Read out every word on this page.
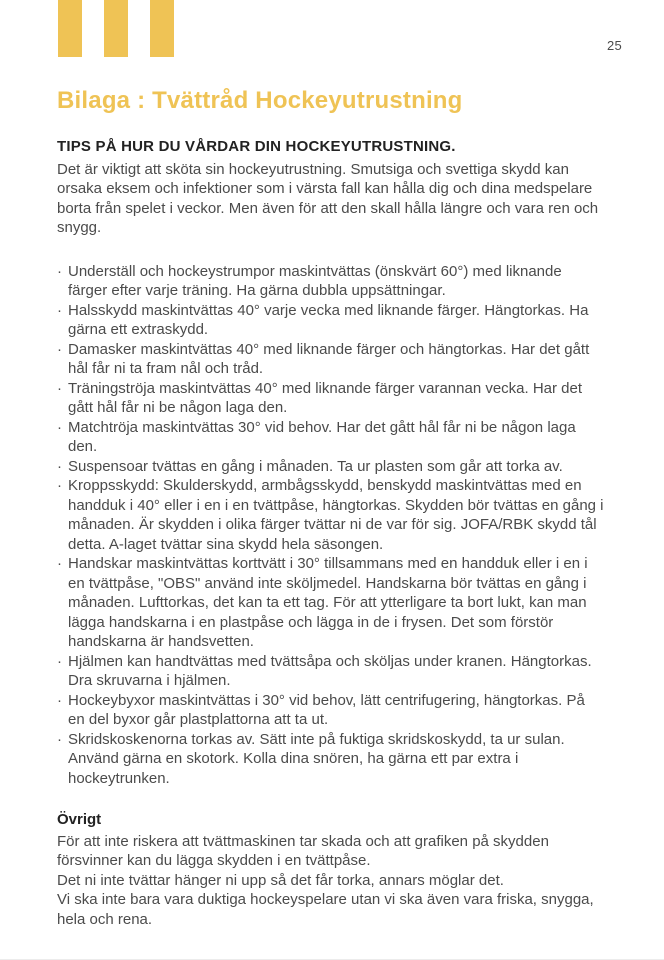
25
Bilaga : Tvättråd Hockeyutrustning

TIPS PÅ HUR DU VÅRDAR DIN HOCKEYUTRUSTNING.

Det är viktigt att sköta sin hockeyutrustning. Smutsiga och svettiga skydd kan orsaka eksem och infektioner som i värsta fall kan hålla dig och dina medspelare borta från spelet i veckor. Men även för att den skall hålla längre och vara ren och snygg.

· Underställ och hockeystrumpor maskintvättas (önskvärt 60°) med liknande färger efter varje träning. Ha gärna dubbla uppsättningar.
· Halsskydd maskintvättas 40° varje vecka med liknande färger. Hängtorkas. Ha gärna ett extraskydd.
· Damasker maskintvättas 40° med liknande färger och hängtorkas. Har det gått hål får ni ta fram nål och tråd.
· Träningströja maskintvättas 40° med liknande färger varannan vecka. Har det gått hål får ni be någon laga den.
· Matchtröja maskintvättas 30° vid behov. Har det gått hål får ni be någon laga den.
· Suspensoar tvättas en gång i månaden. Ta ur plasten som går att torka av.
· Kroppsskydd: Skulderskydd, armbågsskydd, benskydd maskintvättas med en handduk i 40° eller i en i en tvättpåse, hängtorkas. Skydden bör tvättas en gång i månaden. Är skydden i olika färger tvättar ni de var för sig. JOFA/RBK skydd tål detta. A-laget tvättar sina skydd hela säsongen.
· Handskar maskintvättas korttvätt i 30° tillsammans med en handduk eller i en i en tvättpåse, "OBS" använd inte sköljmedel. Handskarna bör tvättas en gång i månaden. Lufttorkas, det kan ta ett tag. För att ytterligare ta bort lukt, kan man lägga handskarna i en plastpåse och lägga in de i frysen. Det som förstör handskarna är handsvetten.
· Hjälmen kan handtvättas med tvättsåpa och sköljas under kranen. Hängtorkas. Dra skruvarna i hjälmen.
· Hockeybyxor maskintvättas i 30° vid behov, lätt centrifugering, hängtorkas. På en del byxor går plastplattorna att ta ut.
· Skridskoskenorna torkas av. Sätt inte på fuktiga skridskoskydd, ta ur sulan. Använd gärna en skotork. Kolla dina snören, ha gärna ett par extra i hockeytrunken.

Övrigt

För att inte riskera att tvättmaskinen tar skada och att grafiken på skydden försvinner kan du lägga skydden i en tvättpåse.

Det ni inte tvättar hänger ni upp så det får torka, annars möglar det.

Vi ska inte bara vara duktiga hockeyspelare utan vi ska även vara friska, snygga, hela och rena.
